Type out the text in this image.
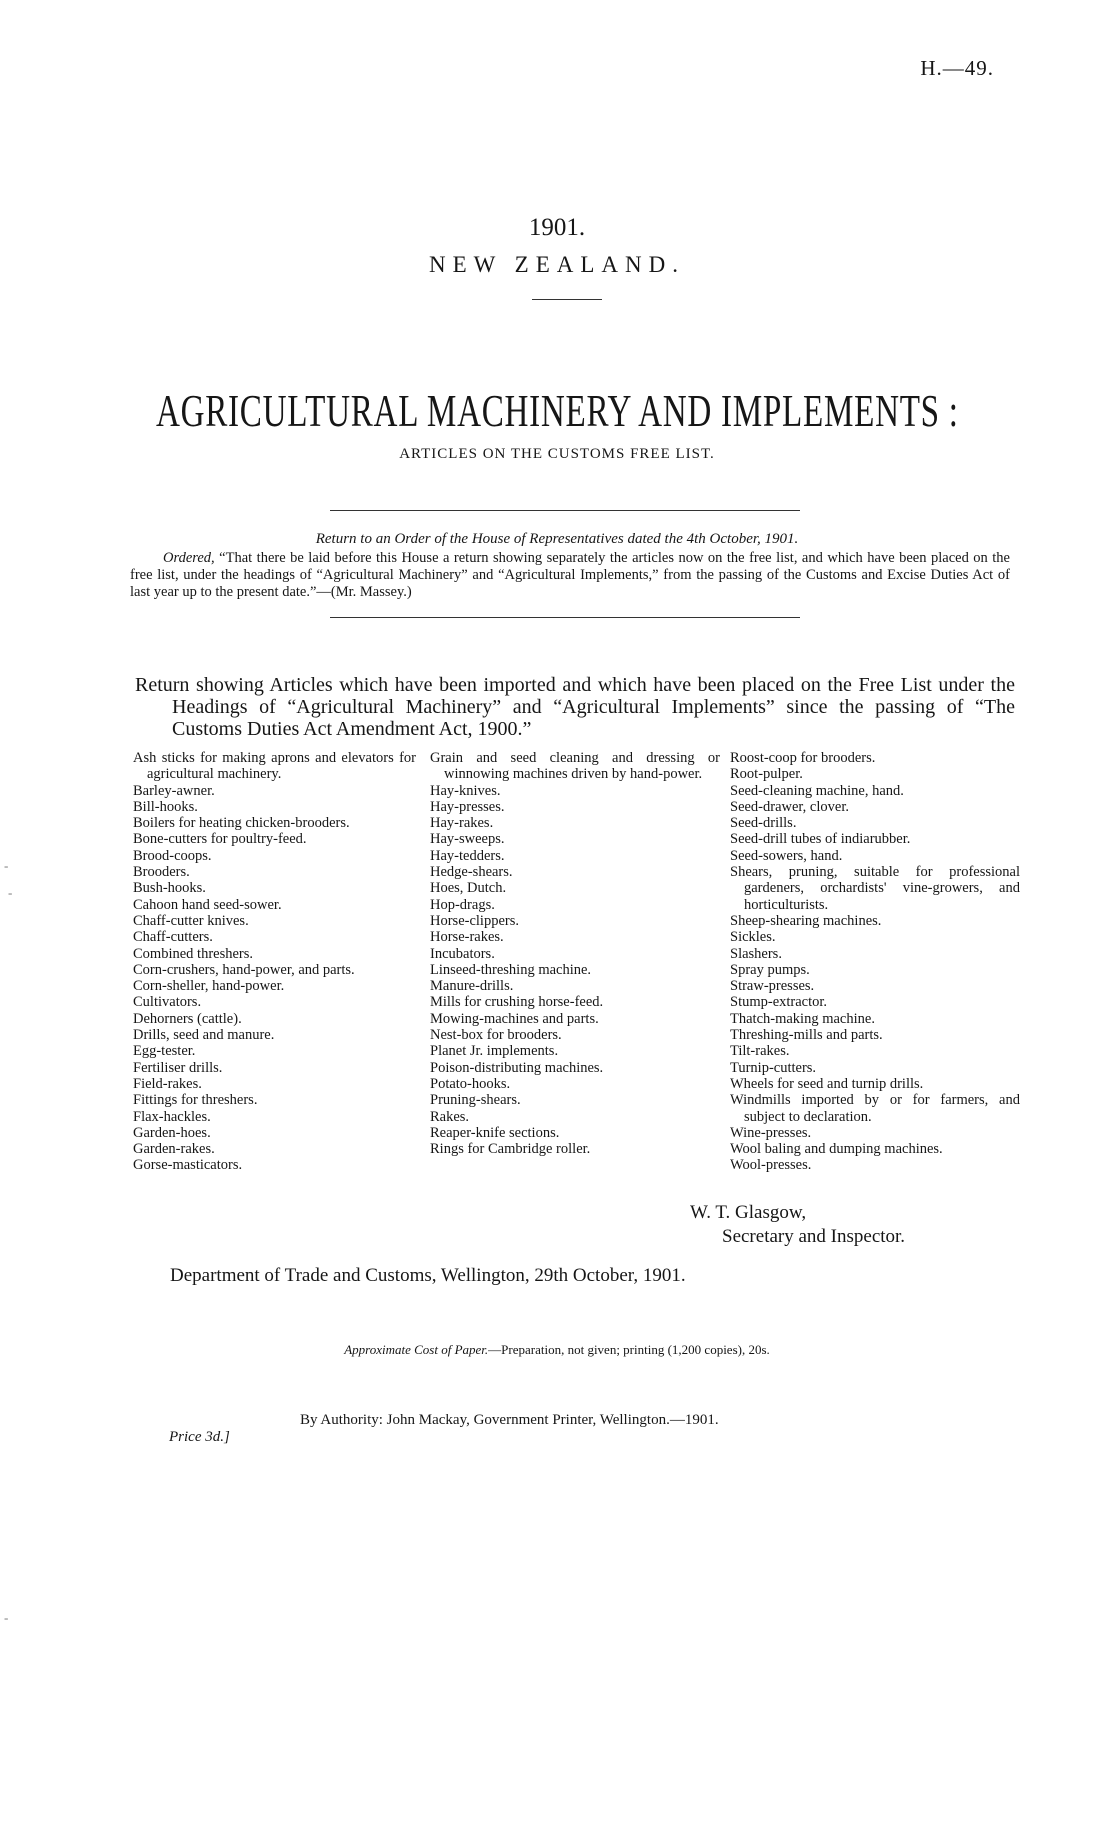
H.—49.
1901.
NEW ZEALAND.
AGRICULTURAL MACHINERY AND IMPLEMENTS :
ARTICLES ON THE CUSTOMS FREE LIST.
Return to an Order of the House of Representatives dated the 4th October, 1901.
Ordered, “That there be laid before this House a return showing separately the articles now on the free list, and which have been placed on the free list, under the headings of “Agricultural Machinery” and “Agricultural Implements,” from the passing of the Customs and Excise Duties Act of last year up to the present date.”—(Mr. Massey.)
Return showing Articles which have been imported and which have been placed on the Free List under the Headings of “Agricultural Machinery” and “Agricultural Implements” since the passing of “The Customs Duties Act Amendment Act, 1900.”
Ash sticks for making aprons and elevators for agricultural machinery.
Barley-awner.
Bill-hooks.
Boilers for heating chicken-brooders.
Bone-cutters for poultry-feed.
Brood-coops.
Brooders.
Bush-hooks.
Cahoon hand seed-sower.
Chaff-cutter knives.
Chaff-cutters.
Combined threshers.
Corn-crushers, hand-power, and parts.
Corn-sheller, hand-power.
Cultivators.
Dehorners (cattle).
Drills, seed and manure.
Egg-tester.
Fertiliser drills.
Field-rakes.
Fittings for threshers.
Flax-hackles.
Garden-hoes.
Garden-rakes.
Gorse-masticators.
Grain and seed cleaning and dressing or winnowing machines driven by hand-power.
Hay-knives.
Hay-presses.
Hay-rakes.
Hay-sweeps.
Hay-tedders.
Hedge-shears.
Hoes, Dutch.
Hop-drags.
Horse-clippers.
Horse-rakes.
Incubators.
Linseed-threshing machine.
Manure-drills.
Mills for crushing horse-feed.
Mowing-machines and parts.
Nest-box for brooders.
Planet Jr. implements.
Poison-distributing machines.
Potato-hooks.
Pruning-shears.
Rakes.
Reaper-knife sections.
Rings for Cambridge roller.
Roost-coop for brooders.
Root-pulper.
Seed-cleaning machine, hand.
Seed-drawer, clover.
Seed-drills.
Seed-drill tubes of indiarubber.
Seed-sowers, hand.
Shears, pruning, suitable for professional gardeners, orchardists' vine-growers, and horticulturists.
Sheep-shearing machines.
Sickles.
Slashers.
Spray pumps.
Straw-presses.
Stump-extractor.
Thatch-making machine.
Threshing-mills and parts.
Tilt-rakes.
Turnip-cutters.
Wheels for seed and turnip drills.
Windmills imported by or for farmers, and subject to declaration.
Wine-presses.
Wool baling and dumping machines.
Wool-presses.
W. T. Glasgow,
Secretary and Inspector.
Department of Trade and Customs, Wellington, 29th October, 1901.
Approximate Cost of Paper.—Preparation, not given; printing (1,200 copies), 20s.
By Authority: John Mackay, Government Printer, Wellington.—1901.
Price 3d.]
-
-
-
